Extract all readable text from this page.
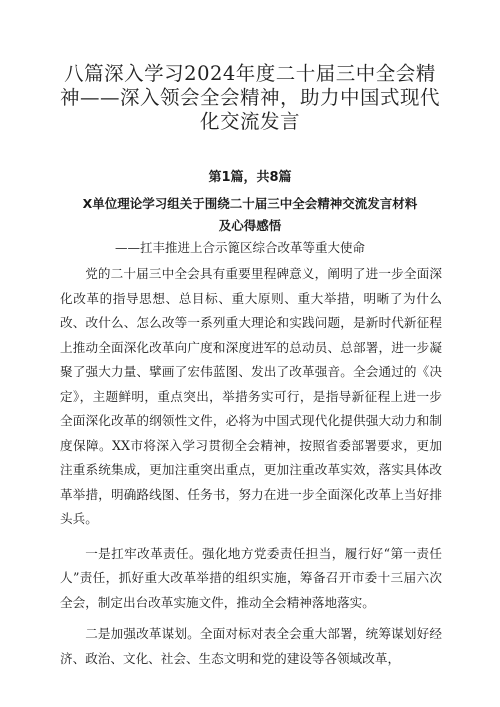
八篇深入学习2024年度二十届三中全会精神——深入领会全会精神，助力中国式现代化交流发言
第1篇，共8篇
X单位理论学习组关于围绕二十届三中全会精神交流发言材料及心得感悟
——扛丰推进上合示篦区综合改革等重大使命

党的二十届三中全会具有重要里程碑意义，阐明了进一步全面深化改革的指导思想、总目标、重大原则、重大举措，明晰了为什么改、改什么、怎么改等一系列重大理论和实践问题，是新时代新征程上推动全面深化改革向广度和深度进军的总动员、总部署，进一步凝聚了强大力量、擘画了宏伟蓝图、发出了改革强音。全会通过的《决定》，主题鲜明，重点突出，举措务实可行，是指导新征程上进一步全面深化改革的纲领性文件，必将为中国式现代化提供强大动力和制度保障。XX市将深入学习贯彻全会精神，按照省委部署要求，更加注重系统集成，更加注重突出重点，更加注重改革实效，落实具体改革举措，明确路线图、任务书，努力在进一步全面深化改革上当好排头兵。

一是扛牢改革责任。强化地方党委责任担当，履行好“第一责任人”责任，抓好重大改革举措的组织实施，筹备召开市委十三届六次全会，制定出台改革实施文件，推动全会精神落地落实。

二是加强改革谋划。全面对标对表全会重大部署，统筹谋划好经济、政治、文化、社会、生态文明和党的建设等各领域改革，
